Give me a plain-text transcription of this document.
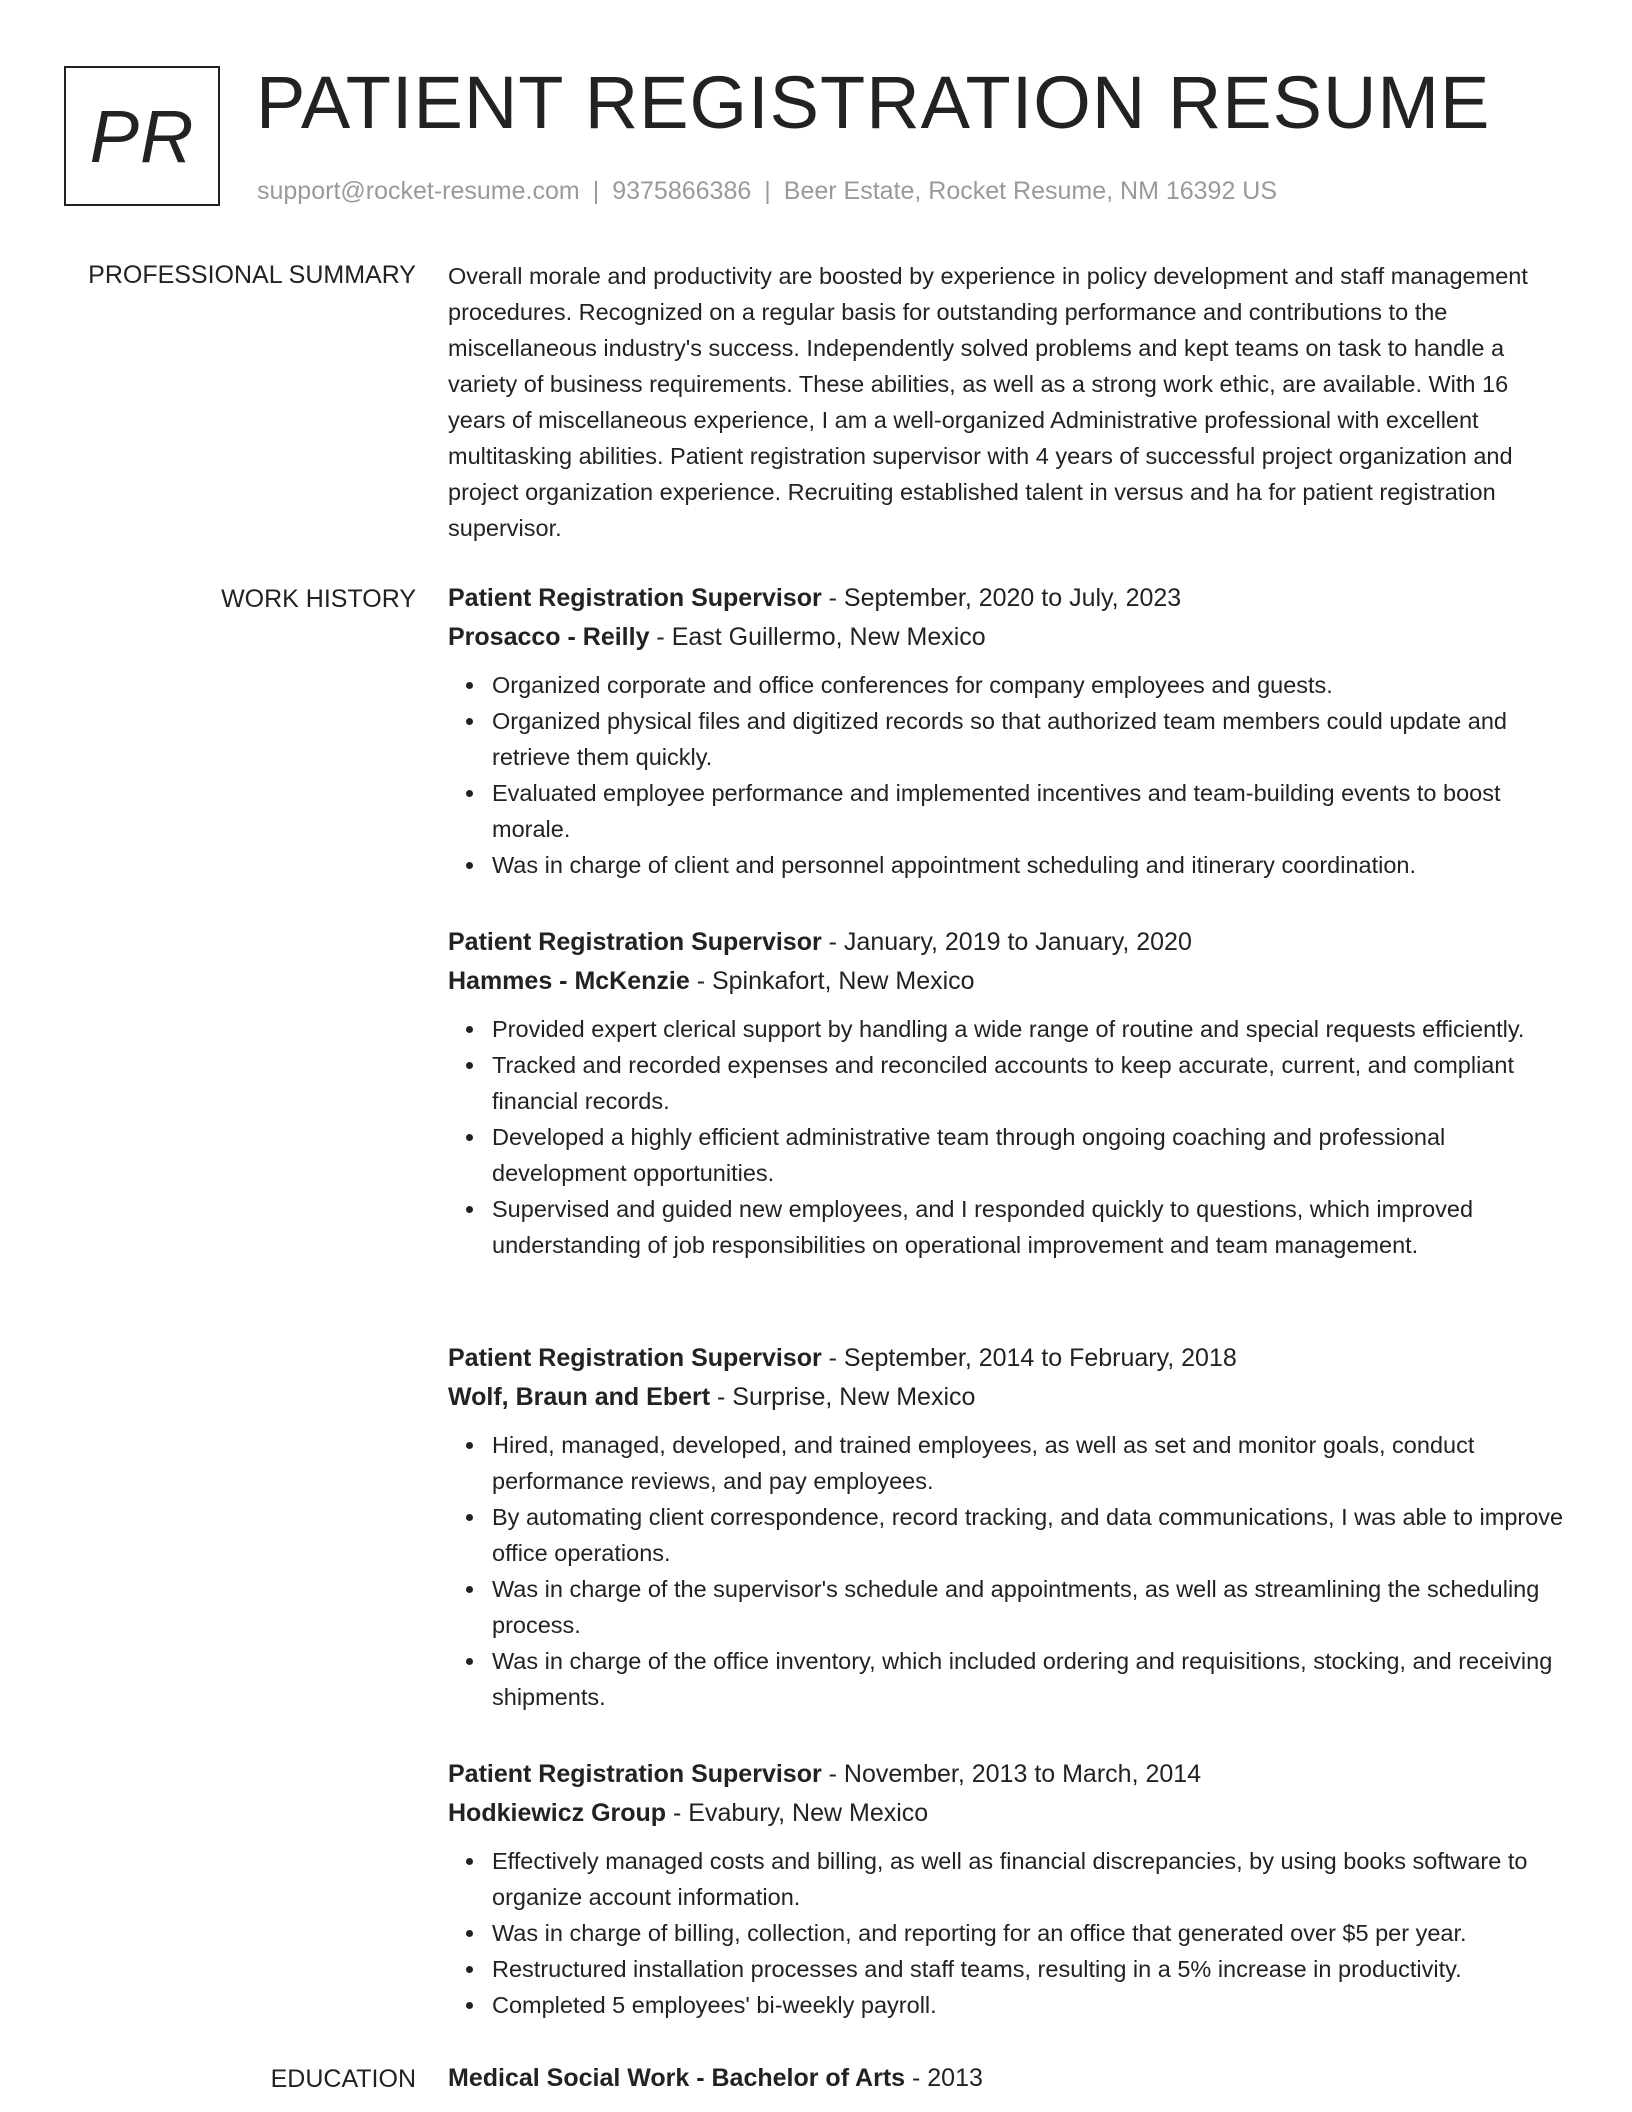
PR PATIENT REGISTRATION RESUME
support@rocket-resume.com | 9375866386 | Beer Estate, Rocket Resume, NM 16392 US
PROFESSIONAL SUMMARY Overall morale and productivity are boosted by experience in policy development and staff management procedures. Recognized on a regular basis for outstanding performance and contributions to the miscellaneous industry's success. Independently solved problems and kept teams on task to handle a variety of business requirements. These abilities, as well as a strong work ethic, are available. With 16 years of miscellaneous experience, I am a well-organized Administrative professional with excellent multitasking abilities. Patient registration supervisor with 4 years of successful project organization and project organization experience. Recruiting established talent in versus and ha for patient registration supervisor.

WORK HISTORY Patient Registration Supervisor - September, 2020 to July, 2023
Prosacco - Reilly - East Guillermo, New Mexico
Organized corporate and office conferences for company employees and guests.
Organized physical files and digitized records so that authorized team members could update and retrieve them quickly.
Evaluated employee performance and implemented incentives and team-building events to boost morale.
Was in charge of client and personnel appointment scheduling and itinerary coordination.
Patient Registration Supervisor - January, 2019 to January, 2020
Hammes - McKenzie - Spinkafort, New Mexico
Provided expert clerical support by handling a wide range of routine and special requests efficiently.
Tracked and recorded expenses and reconciled accounts to keep accurate, current, and compliant financial records.
Developed a highly efficient administrative team through ongoing coaching and professional development opportunities.
Supervised and guided new employees, and I responded quickly to questions, which improved understanding of job responsibilities on operational improvement and team management.
Patient Registration Supervisor - September, 2014 to February, 2018
Wolf, Braun and Ebert - Surprise, New Mexico
Hired, managed, developed, and trained employees, as well as set and monitor goals, conduct performance reviews, and pay employees.
By automating client correspondence, record tracking, and data communications, I was able to improve office operations.
Was in charge of the supervisor's schedule and appointments, as well as streamlining the scheduling process.
Was in charge of the office inventory, which included ordering and requisitions, stocking, and receiving shipments.
Patient Registration Supervisor - November, 2013 to March, 2014
Hodkiewicz Group - Evabury, New Mexico
Effectively managed costs and billing, as well as financial discrepancies, by using books software to organize account information.
Was in charge of billing, collection, and reporting for an office that generated over $5 per year.
Restructured installation processes and staff teams, resulting in a 5% increase in productivity.
Completed 5 employees' bi-weekly payroll.
EDUCATION Medical Social Work - Bachelor of Arts - 2013
